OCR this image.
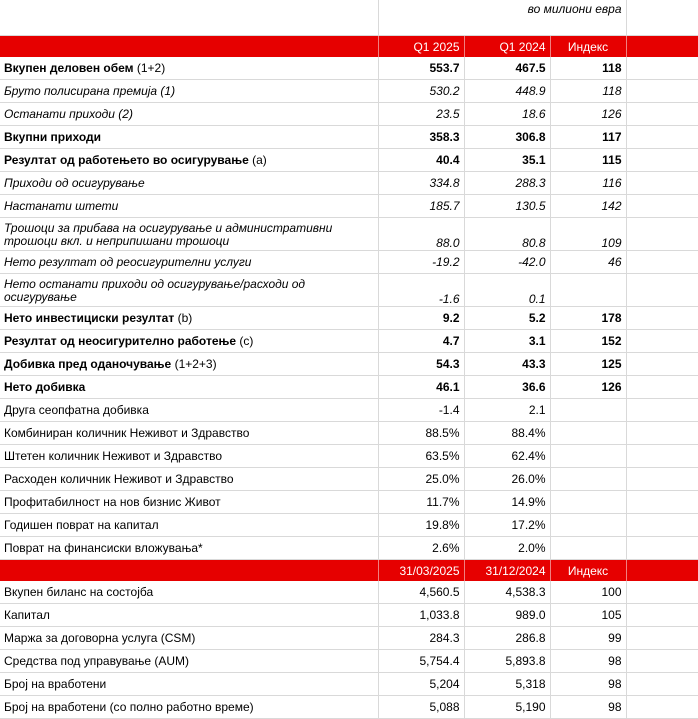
		во милиони евра		
	Q1 2025	Q1 2024	Индекс	
Вкупен деловен обем (1+2)	553.7	467.5	118	
Бруто полисирана премија (1)	530.2	448.9	118	
Останати приходи (2)	23.5	18.6	126	
Вкупни приходи	358.3	306.8	117	
Резултат од работењето во осигурување (a)	40.4	35.1	115	
Приходи од осигурување	334.8	288.3	116	
Настанати штети	185.7	130.5	142	
Трошоци за прибава на осигурување и административни трошоци вкл. и неприпишани трошоци	88.0	80.8	109	
Нето резултат од реосигурителни услуги	-19.2	-42.0	46	
Нето останати приходи од осигурување/расходи од осигурување	-1.6	0.1		
Нето инвестициски резултат (b)	9.2	5.2	178	
Резултат од неосигурително работење (c)	4.7	3.1	152	
Добивка пред оданочување (1+2+3)	54.3	43.3	125	
Нето добивка	46.1	36.6	126	
Друга сеопфатна добивка	-1.4	2.1		
Комбиниран количник Неживот и Здравство	88.5%	88.4%		
Штетен количник Неживот и Здравство	63.5%	62.4%		
Расходен количник Неживот и Здравство	25.0%	26.0%		
Профитабилност на нов бизнис Живот	11.7%	14.9%		
Годишен поврат на капитал	19.8%	17.2%		
Поврат на финансиски вложувања*	2.6%	2.0%		
	31/03/2025	31/12/2024	Индекс	
Вкупен биланс на состојба	4,560.5	4,538.3	100	
Капитал	1,033.8	989.0	105	
Маржа за договорна услуга (CSM)	284.3	286.8	99	
Средства под управување (AUM)	5,754.4	5,893.8	98	
Број на вработени	5,204	5,318	98	
Број на вработени (со полно работно време)	5,088	5,190	98	
